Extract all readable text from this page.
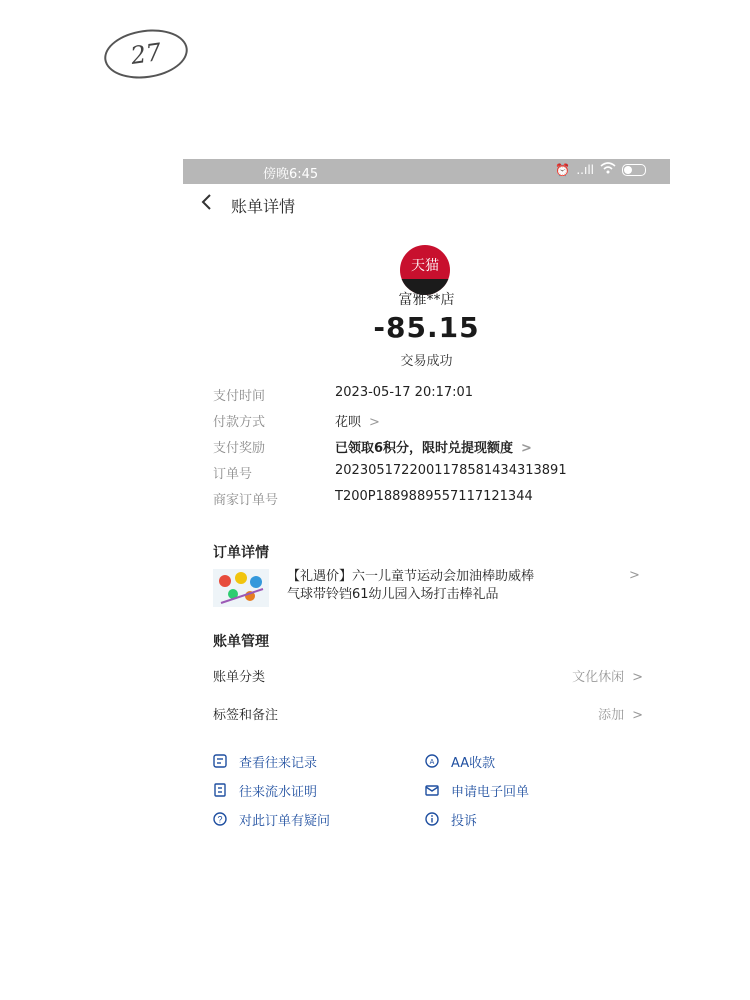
27
傍晚6:45	⏰ ..ıll
账单详情
天猫
富雅**店
-85.15
交易成功
支付时间	2023-05-17 20:17:01
付款方式	花呗 >
支付奖励	已领取6积分，限时兑提现额度 >
订单号	20230517220011785814343138​91
商家订单号	T200P1889889557117121344
订单详情
【礼遇价】六一儿童节运动会加油棒助威棒
气球带铃铛61幼儿园入场打击棒礼品
>
账单管理
账单分类	文化休闲 >
标签和备注	添加 >
查看往来记录	A AA收款
往来流水证明	申请电子回单
? 对此订单有疑问	投诉
